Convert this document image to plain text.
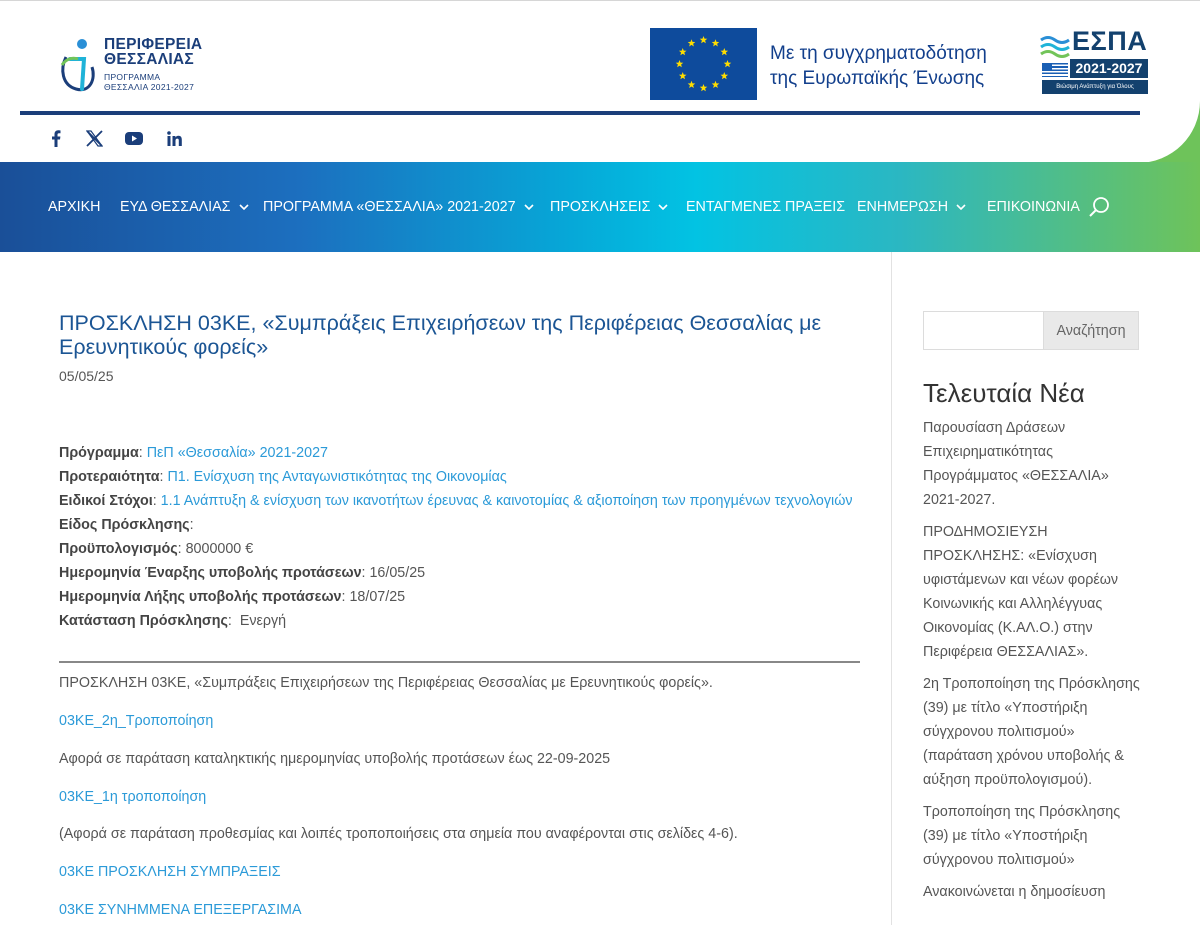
ΠΕΡΙΦΕΡΕΙΑ
ΘΕΣΣΑΛΙΑΣ
ΠΡΟΓΡΑΜΜΑ
ΘΕΣΣΑΛΙΑ 2021-2027
Με τη συγχρηματοδότηση
της Ευρωπαϊκής Ένωσης
ΕΣΠΑ
2021-2027
Βιώσιμη Ανάπτυξη για Όλους
ΑΡΧΙΚΗ ΕΥΔ ΘΕΣΣΑΛΙΑΣ ΠΡΟΓΡΑΜΜΑ «ΘΕΣΣΑΛΙΑ» 2021-2027 ΠΡΟΣΚΛΗΣΕΙΣ ΕΝΤΑΓΜΕΝΕΣ ΠΡΑΞΕΙΣ ΕΝΗΜΕΡΩΣΗ	ΕΠΙΚΟΙΝΩΝΙΑ
ΠΡΟΣΚΛΗΣΗ 03ΚΕ, «Συμπράξεις Επιχειρήσεων της Περιφέρειας Θεσσαλίας με Ερευνητικούς φορείς»
05/05/25
Πρόγραμμα: ΠεΠ «Θεσσαλία» 2021-2027
Προτεραιότητα: Π1. Ενίσχυση της Ανταγωνιστικότητας της Οικονομίας
Ειδικοί Στόχοι: 1.1 Ανάπτυξη & ενίσχυση των ικανοτήτων έρευνας & καινοτομίας & αξιοποίηση των προηγμένων τεχνολογιών
Είδος Πρόσκλησης:
Προϋπολογισμός: 8000000 €
Ημερομηνία Έναρξης υποβολής προτάσεων: 16/05/25
Ημερομηνία Λήξης υποβολής προτάσεων: 18/07/25
Κατάσταση Πρόσκλησης:  Ενεργή
ΠΡΟΣΚΛΗΣΗ 03ΚΕ, «Συμπράξεις Επιχειρήσεων της Περιφέρειας Θεσσαλίας με Ερευνητικούς φορείς».
03ΚΕ_2η_Τροποποίηση
Αφορά σε παράταση καταληκτικής ημερομηνίας υποβολής προτάσεων έως 22-09-2025
03ΚΕ_1η τροποποίηση
(Αφορά σε παράταση προθεσμίας και λοιπές τροποποιήσεις στα σημεία που αναφέρονται στις σελίδες 4-6).
03ΚΕ ΠΡΟΣΚΛΗΣΗ ΣΥΜΠΡΑΞΕΙΣ
03ΚΕ ΣΥΝΗΜΜΕΝΑ ΕΠΕΞΕΡΓΑΣΙΜΑ
Αναζήτηση
Τελευταία Νέα
Παρουσίαση Δράσεων Επιχειρηματικότητας Προγράμματος «ΘΕΣΣΑΛΙΑ» 2021-2027.
ΠΡΟΔΗΜΟΣΙΕΥΣΗ ΠΡΟΣΚΛΗΣΗΣ: «Ενίσχυση υφιστάμενων και νέων φορέων Κοινωνικής και Αλληλέγγυας Οικονομίας (Κ.ΑΛ.Ο.) στην Περιφέρεια ΘΕΣΣΑΛΙΑΣ».
2η Τροποποίηση της Πρόσκλησης (39) με τίτλο «Υποστήριξη σύγχρονου πολιτισμού» (παράταση χρόνου υποβολής & αύξηση προϋπολογισμού).
Τροποποίηση της Πρόσκλησης (39) με τίτλο «Υποστήριξη σύγχρονου πολιτισμού»
Ανακοινώνεται η δημοσίευση
